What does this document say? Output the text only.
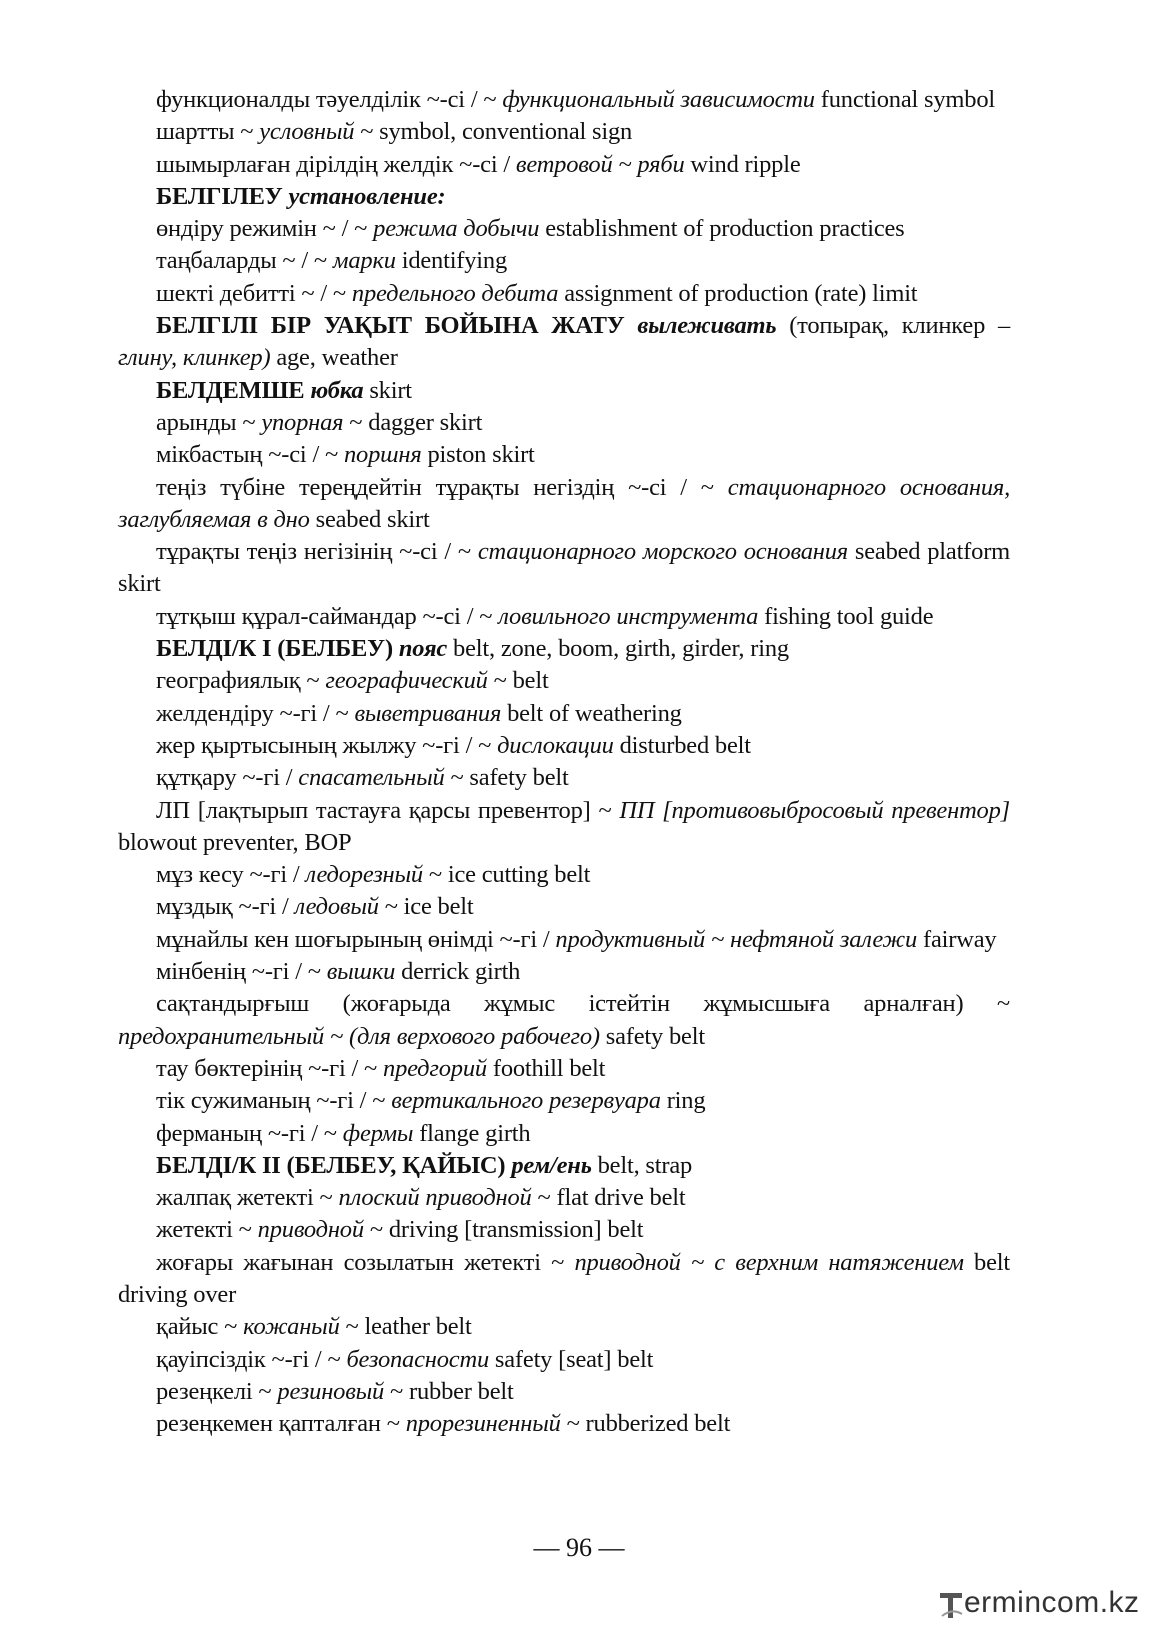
функционалды тәуелділік ~-сі / ~ функциональный зависимости functional symbol

шартты ~ условный ~ symbol, conventional sign

шымырлаған дірілдің желдік ~-сі / ветровой ~ ряби wind ripple

БЕЛГІЛЕУ установление:

өндіру режимін ~ / ~ режима добычи establishment of production practices

таңбаларды ~ / ~ марки identifying

шекті дебитті ~ / ~ предельного дебита assignment of production (rate) limit

БЕЛГІЛІ БІР УАҚЫТ БОЙЫНА ЖАТУ вылеживать (топырақ, клинкер – глину, клинкер) age, weather

БЕЛДЕМШЕ юбка skirt

арынды ~ упорная ~ dagger skirt

мікбастың ~-сі / ~ поршня piston skirt

теңіз түбіне тереңдейтін тұрақты негіздің ~-сі / ~ стационарного основания, заглубляемая в дно seabed skirt

тұрақты теңіз негізінің ~-сі / ~ стационарного морского основания seabed platform skirt

тұтқыш құрал-саймандар ~-сі / ~ ловильного инструмента fishing tool guide

БЕЛДІ/К І (БЕЛБЕУ) пояс belt, zone, boom, girth, girder, ring

географиялық ~ географический ~ belt

желдендіру ~-гі / ~ выветривания belt of weathering

жер қыртысының жылжу ~-гі / ~ дислокации disturbed belt

құтқару ~-гі / спасательный ~ safety belt

ЛП [лақтырып тастауға қарсы превентор] ~ ПП [противовыбросовый превентор] blowout preventer, BOP

мұз кесу ~-гі / ледорезный ~ ice cutting belt

мұздық ~-гі / ледовый ~ ice belt

мұнайлы кен шоғырының өнімді ~-гі / продуктивный ~ нефтяной залежи fairway

мінбенің ~-гі / ~ вышки derrick girth

сақтандырғыш (жоғарыда жұмыс істейтін жұмысшыға арналған) ~ предохранительный ~ (для верхового рабочего) safety belt

тау бөктерінің ~-гі / ~ предгорий foothill belt

тік сужиманың ~-гі / ~ вертикального резервуара ring

ферманың ~-гі / ~ фермы flange girth

БЕЛДІ/К ІІ (БЕЛБЕУ, ҚАЙЫС) рем/ень belt, strap

жалпақ жетекті ~ плоский приводной ~ flat drive belt

жетекті ~ приводной ~ driving [transmission] belt

жоғары жағынан созылатын жетекті ~ приводной ~ с верхним натяжением belt driving over

қайыс ~ кожаный ~ leather belt

қауіпсіздік ~-гі / ~ безопасности safety [seat] belt

резеңкелі ~ резиновый ~ rubber belt

резеңкемен қапталған ~ прорезиненный ~ rubberized belt

— 96 —
ermincom.kz
